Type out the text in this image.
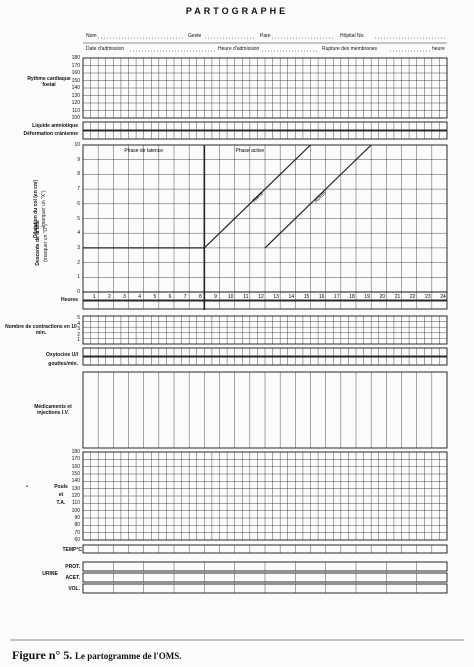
PARTOGRAPHE
Nom	Geste	Pare	Hôpital No.
Date d'admission	Heure d'admission	Rupture des membranes	heure
Rythme cardiaque foetal
Liquide amniotique
Déformation crânienne
Dilatation du col (en cm) (marquer un "X")
Descente de la tête (marquer un "O")
Heures
Nombre de contractions en 10 min.
Oxytocine U/l
gouttes/min.
Médicaments et injections I.V.
•	Pouls
et
T.A.
TEMP°C
URINE
PROT.
ACET.
VOL.
Figure n° 5. Le partogramme de l'OMS.
1 2 3 4 5 6 7 8 9 10 11 12 13 14 15 16 17 18 19 20 21 22 23 24
Phase de latence	Phase active
Alerte	Action
180
170
160
150
140
130
120
110
100
10
9
8
7
6
5
4
3
2
1
0
5
4
3
2
1
180
170
160
150
140
130
120
110
100
90
80
70
60
